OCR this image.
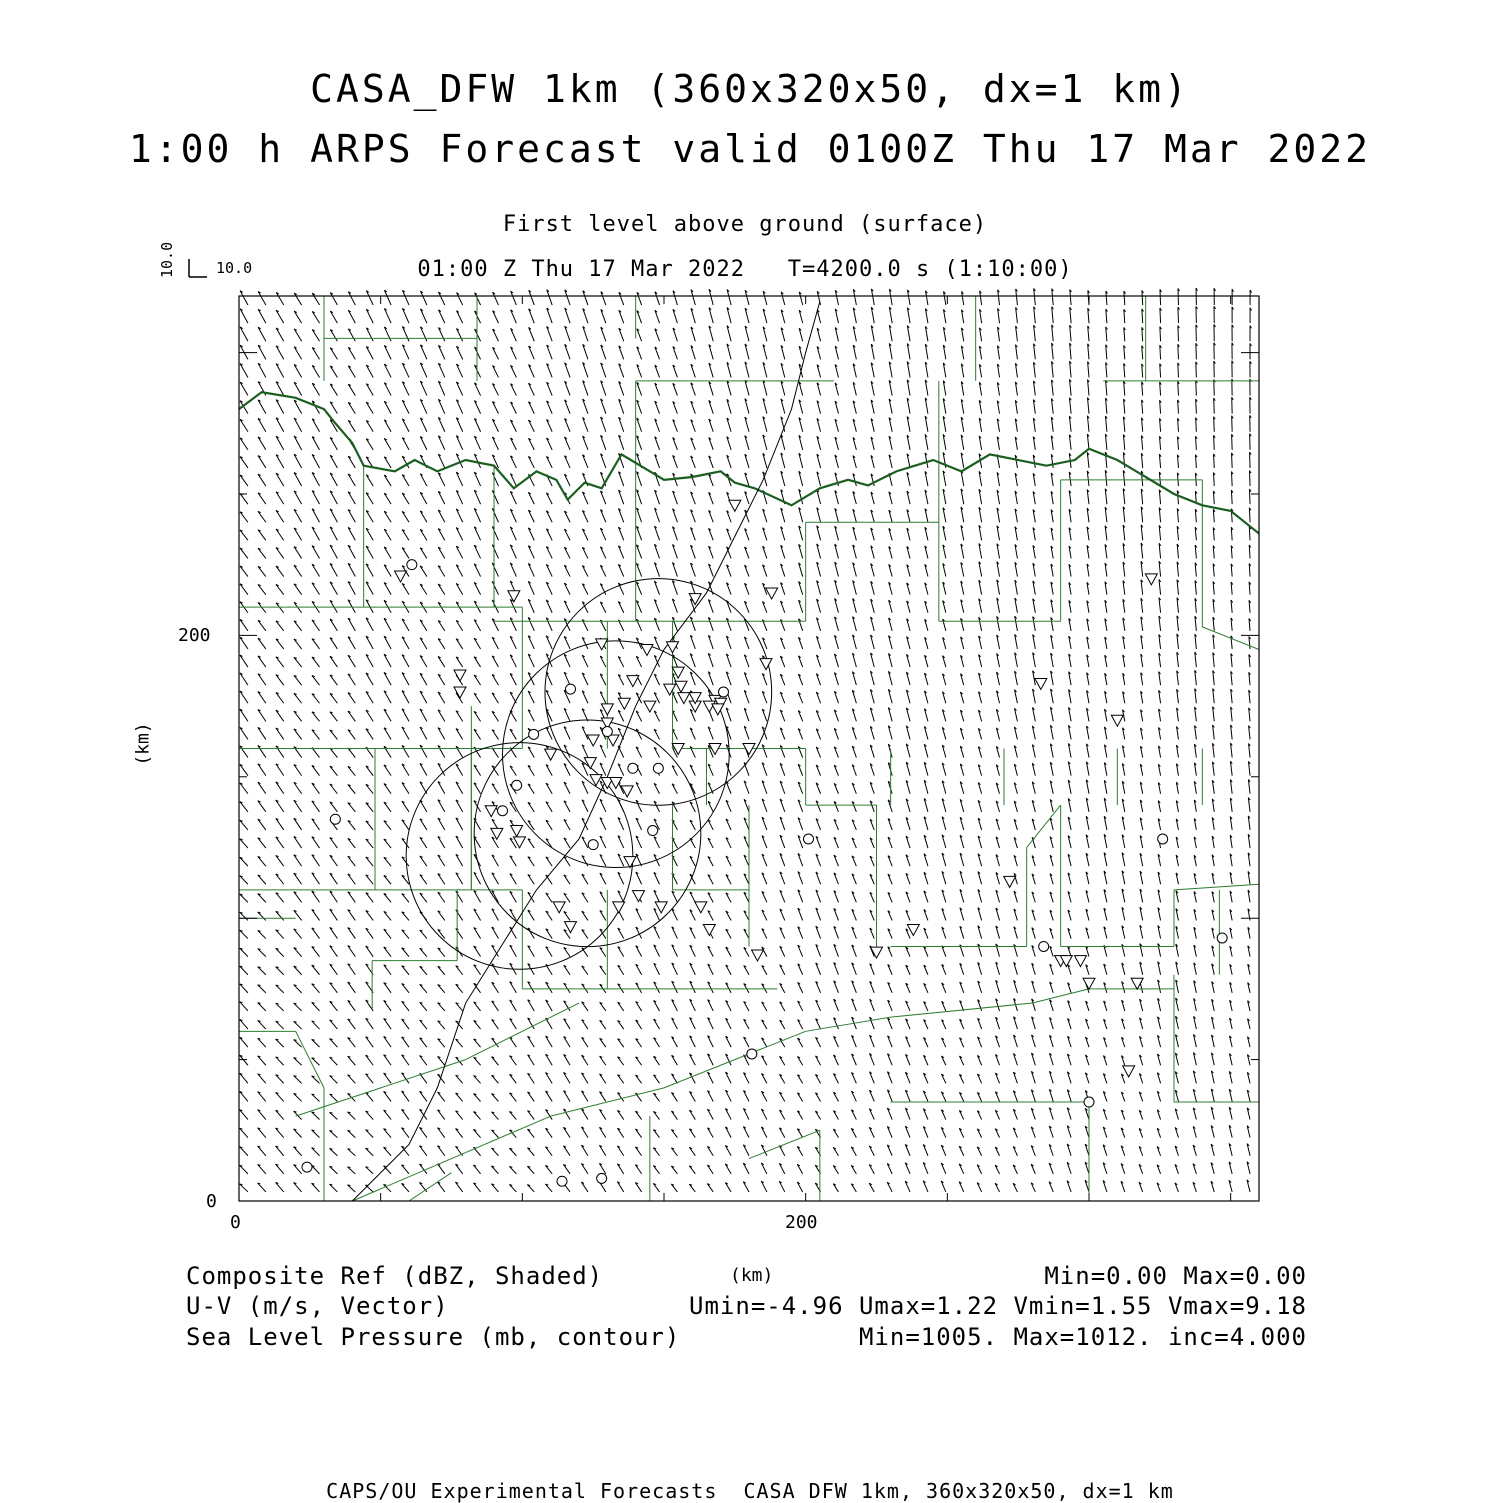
CASA_DFW 1km (360x320x50, dx=1 km)
1:00 h ARPS Forecast valid 0100Z Thu 17 Mar 2022
First level above ground (surface)
01:00 Z Thu 17 Mar 2022   T=4200.0 s (1:10:00)
10.0	10.0
(km)
0
200
0	200
(km)
Composite Ref (dBZ, Shaded)
U-V (m/s, Vector)
Sea Level Pressure (mb, contour)
Min=0.00 Max=0.00
Umin=-4.96 Umax=1.22 Vmin=1.55 Vmax=9.18
Min=1005. Max=1012. inc=4.000
CAPS/OU Experimental Forecasts  CASA DFW 1km, 360x320x50, dx=1 km
